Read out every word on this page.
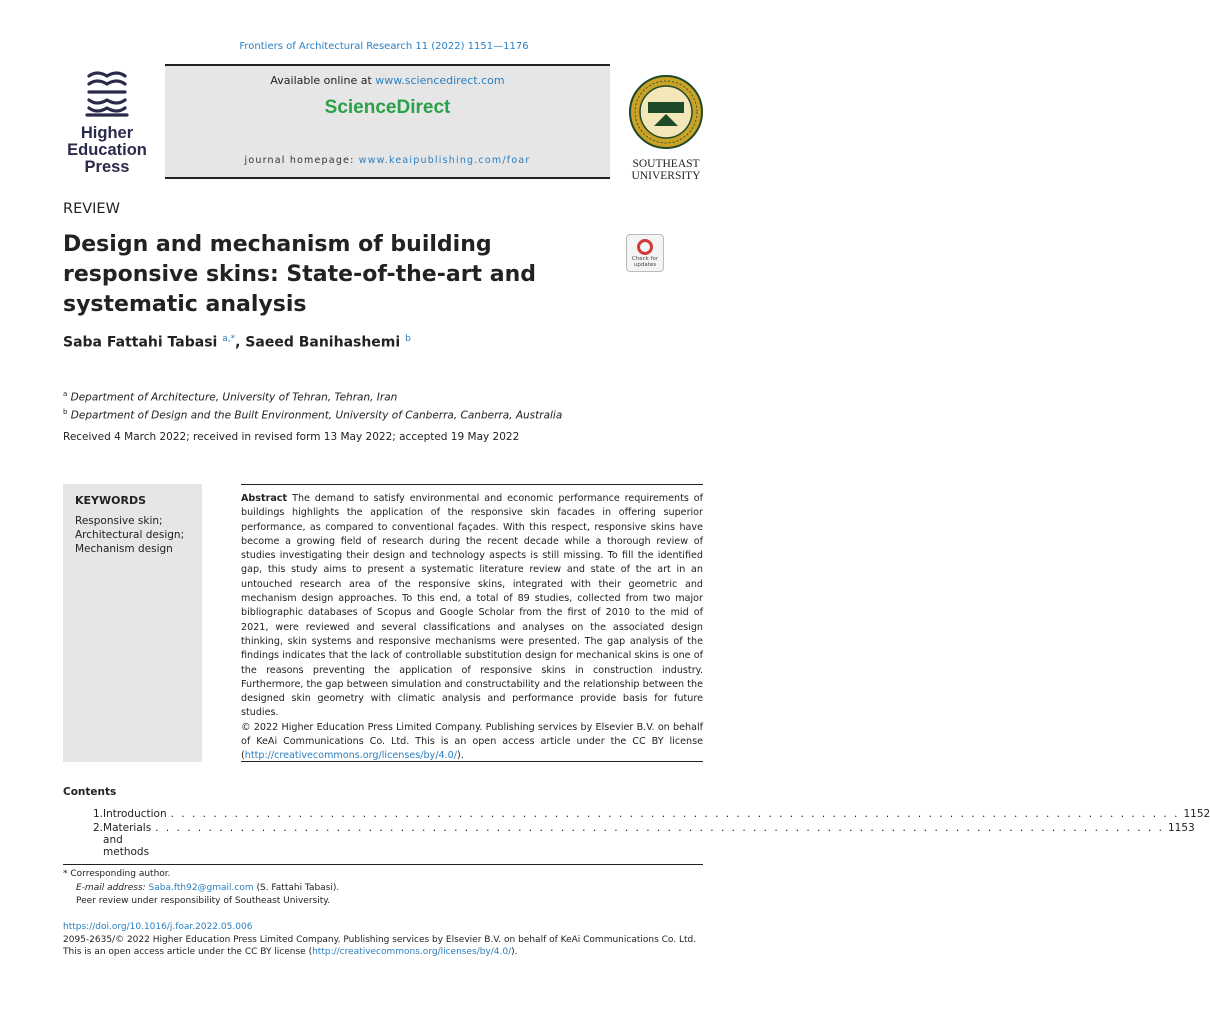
Frontiers of Architectural Research 11 (2022) 1151—1176
Higher
Education
Press
Available online at www.sciencedirect.com
ScienceDirect
journal homepage: www.keaipublishing.com/foar	SOUTHEAST
UNIVERSITY
REVIEW
Design and mechanism of building responsive skins: State-of-the-art and systematic analysis
Check for
updates
Saba Fattahi Tabasi $^{a,*}$, Saeed Banihashemi $^b$
$^a$ Department of Architecture, University of Tehran, Tehran, Iran
$^b$ Department of Design and the Built Environment, University of Canberra, Canberra, Australia
Received 4 March 2022; received in revised form 13 May 2022; accepted 19 May 2022
KEYWORDS
Responsive skin;
Architectural design;
Mechanism design

Abstract The demand to satisfy environmental and economic performance requirements of buildings highlights the application of the responsive skin facades in offering superior performance, as compared to conventional façades. With this respect, responsive skins have become a growing field of research during the recent decade while a thorough review of studies investigating their design and technology aspects is still missing. To fill the identified gap, this study aims to present a systematic literature review and state of the art in an untouched research area of the responsive skins, integrated with their geometric and mechanism design approaches. To this end, a total of 89 studies, collected from two major bibliographic databases of Scopus and Google Scholar from the first of 2010 to the mid of 2021, were reviewed and several classifications and analyses on the associated design thinking, skin systems and responsive mechanisms were presented. The gap analysis of the findings indicates that the lack of controllable substitution design for mechanical skins is one of the reasons preventing the application of responsive skins in construction industry. Furthermore, the gap between simulation and constructability and the relationship between the designed skin geometry with climatic analysis and performance provide basis for future studies.

© 2022 Higher Education Press Limited Company. Publishing services by Elsevier B.V. on behalf of KeAi Communications Co. Ltd. This is an open access article under the CC BY license (http://creativecommons.org/licenses/by/4.0/).

Contents
1. Introduction . . . . . . . . . . . . . . . . . . . . . . . . . . . . . . . . . . . . . . . . . . . . . . . . . . . . . . . . . . . . . . . . . . . . . . . . . . . . . . . . . . . . . . . . . . . . . . . 1152
2. Materials and methods
. . . . . . . . . . . . . . . . . . . . . . . . . . . . . . . . . . . . . . . . . . . . . . . . . . . . . . . . . . . . . . . . . . . . . . . . . . . . . . . . . . . . . . . . . . . . . . . 1153
* Corresponding author.
E-mail address: Saba.fth92@gmail.com (S. Fattahi Tabasi).
Peer review under responsibility of Southeast University.
https://doi.org/10.1016/j.foar.2022.05.006
2095-2635/© 2022 Higher Education Press Limited Company. Publishing services by Elsevier B.V. on behalf of KeAi Communications Co. Ltd.
This is an open access article under the CC BY license (http://creativecommons.org/licenses/by/4.0/).
